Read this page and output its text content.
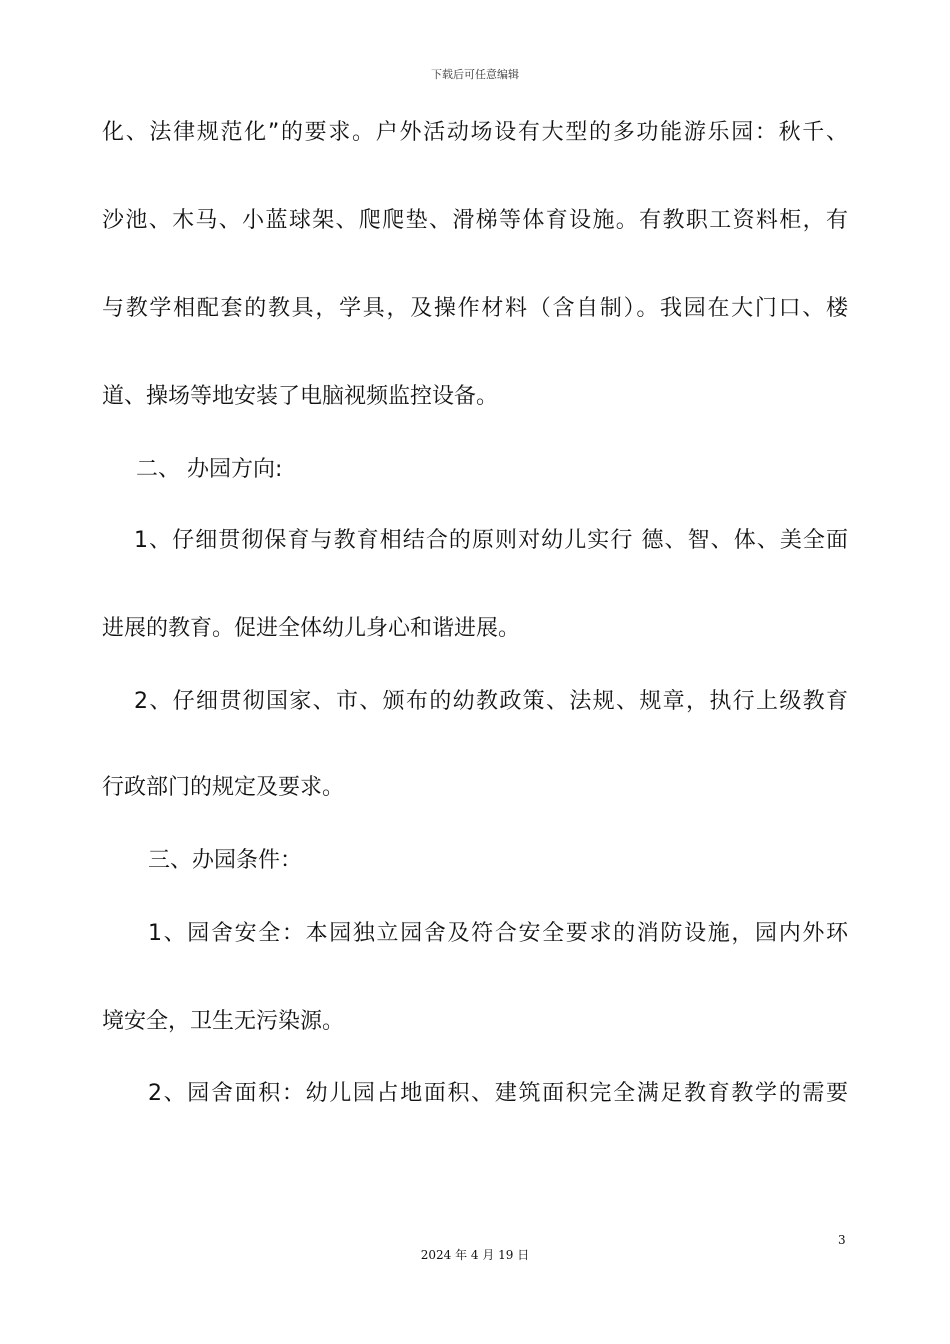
下载后可任意编辑
化、法律规范化”的要求。户外活动场设有大型的多功能游乐园：秋千、
沙池、木马、小蓝球架、爬爬垫、滑梯等体育设施。有教职工资料柜，有
与教学相配套的教具，学具，及操作材料（含自制）。我园在大门口、楼
道、操场等地安装了电脑视频监控设备。
二、 办园方向:
1、仔细贯彻保育与教育相结合的原则对幼儿实行 德、智、体、美全面
进展的教育。促进全体幼儿身心和谐进展。
2、仔细贯彻国家、市、颁布的幼教政策、法规、规章，执行上级教育
行政部门的规定及要求。
三、办园条件：
1、园舍安全：本园独立园舍及符合安全要求的消防设施，园内外环
境安全，卫生无污染源。
2、园舍面积：幼儿园占地面积、建筑面积完全满足教育教学的需要
3
2024 年 4 月 19 日
